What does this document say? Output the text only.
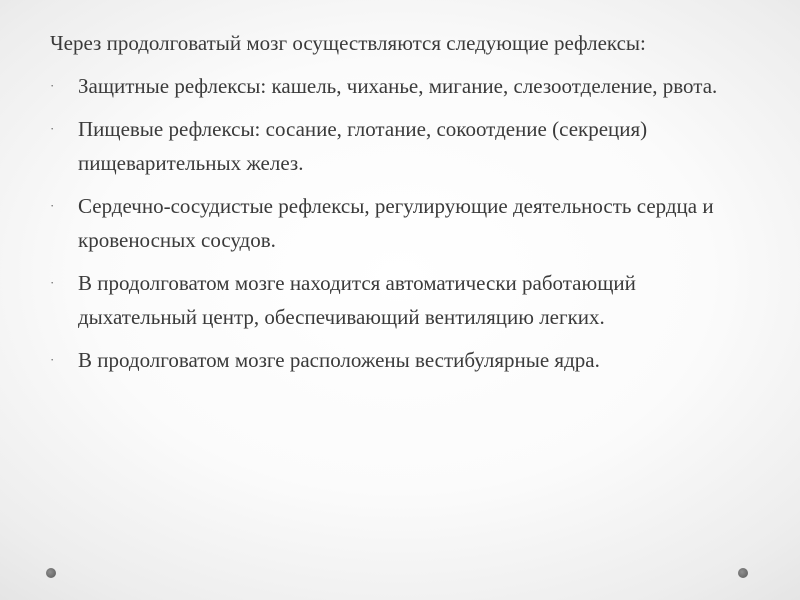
Через продолговатый мозг осуществляются следующие рефлексы:

·	Защитные рефлексы: кашель, чиханье, мигание, слезоотделение, рвота.
·	Пищевые рефлексы: сосание, глотание, сокоотдение (секреция) пищеварительных желез.
·	Сердечно-сосудистые рефлексы, регулирующие деятельность сердца и кровеносных сосудов.
·	В продолговатом мозге находится автоматически работающий дыхательный центр, обеспечивающий вентиляцию легких.
·	В продолговатом мозге расположены вестибулярные ядра.
